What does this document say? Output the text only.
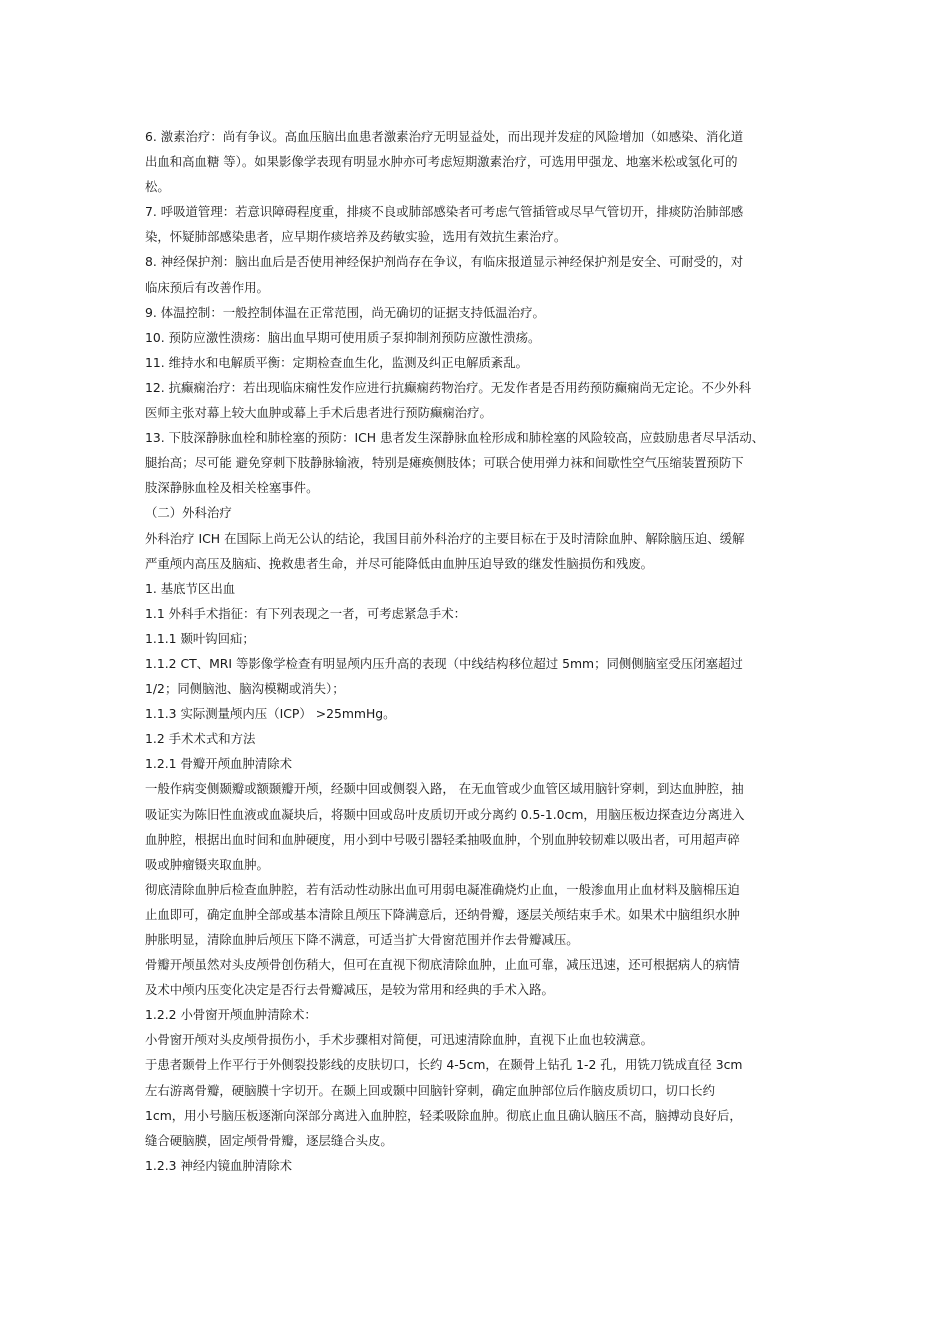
6. 激素治疗：尚有争议。高血压脑出血患者激素治疗无明显益处，而出现并发症的风险增加（如感染、消化道
出血和高血糖 等）。如果影像学表现有明显水肿亦可考虑短期激素治疗，可选用甲强龙、地塞米松或氢化可的
松。
7. 呼吸道管理：若意识障碍程度重，排痰不良或肺部感染者可考虑气管插管或尽早气管切开，排痰防治肺部感
染，怀疑肺部感染患者，应早期作痰培养及药敏实验，选用有效抗生素治疗。
8. 神经保护剂：脑出血后是否使用神经保护剂尚存在争议，有临床报道显示神经保护剂是安全、可耐受的，对
临床预后有改善作用。
9. 体温控制：一般控制体温在正常范围，尚无确切的证据支持低温治疗。
10. 预防应激性溃疡：脑出血早期可使用质子泵抑制剂预防应激性溃疡。
11. 维持水和电解质平衡：定期检查血生化，监测及纠正电解质紊乱。
12. 抗癫痫治疗：若出现临床痫性发作应进行抗癫痫药物治疗。无发作者是否用药预防癫痫尚无定论。不少外科
医师主张对幕上较大血肿或幕上手术后患者进行预防癫痫治疗。
13. 下肢深静脉血栓和肺栓塞的预防：ICH 患者发生深静脉血栓形成和肺栓塞的风险较高，应鼓励患者尽早活动、
腿抬高；尽可能 避免穿刺下肢静脉输液，特别是瘫痪侧肢体；可联合使用弹力袜和间歇性空气压缩装置预防下
肢深静脉血栓及相关栓塞事件。
（二）外科治疗
外科治疗 ICH 在国际上尚无公认的结论，我国目前外科治疗的主要目标在于及时清除血肿、解除脑压迫、缓解
严重颅内高压及脑疝、挽救患者生命，并尽可能降低由血肿压迫导致的继发性脑损伤和残废。
1. 基底节区出血
1.1 外科手术指征：有下列表现之一者，可考虑紧急手术：
1.1.1 颞叶钩回疝；
1.1.2 CT、MRI 等影像学检查有明显颅内压升高的表现（中线结构移位超过 5mm；同侧侧脑室受压闭塞超过
1/2；同侧脑池、脑沟模糊或消失）；
1.1.3 实际测量颅内压（ICP） >25mmHg。
1.2 手术术式和方法
1.2.1 骨瓣开颅血肿清除术
一般作病变侧颞瓣或额颞瓣开颅，经颞中回或侧裂入路， 在无血管或少血管区域用脑针穿刺，到达血肿腔，抽
吸证实为陈旧性血液或血凝块后，将颞中回或岛叶皮质切开或分离约 0.5-1.0cm，用脑压板边探查边分离进入
血肿腔，根据出血时间和血肿硬度，用小到中号吸引器轻柔抽吸血肿，个别血肿较韧难以吸出者，可用超声碎
吸或肿瘤镊夹取血肿。
彻底清除血肿后检查血肿腔，若有活动性动脉出血可用弱电凝准确烧灼止血，一般渗血用止血材料及脑棉压迫
止血即可，确定血肿全部或基本清除且颅压下降满意后，还纳骨瓣，逐层关颅结束手术。如果术中脑组织水肿
肿胀明显，清除血肿后颅压下降不满意，可适当扩大骨窗范围并作去骨瓣减压。
骨瓣开颅虽然对头皮颅骨创伤稍大，但可在直视下彻底清除血肿，止血可靠，减压迅速，还可根据病人的病情
及术中颅内压变化决定是否行去骨瓣减压，是较为常用和经典的手术入路。
1.2.2 小骨窗开颅血肿清除术：
小骨窗开颅对头皮颅骨损伤小，手术步骤相对简便，可迅速清除血肿，直视下止血也较满意。
于患者颞骨上作平行于外侧裂投影线的皮肤切口，长约 4-5cm，在颞骨上钻孔 1-2 孔，用铣刀铣成直径 3cm
左右游离骨瓣，硬脑膜十字切开。在颞上回或颞中回脑针穿刺，确定血肿部位后作脑皮质切口，切口长约
1cm，用小号脑压板逐渐向深部分离进入血肿腔，轻柔吸除血肿。彻底止血且确认脑压不高，脑搏动良好后，
缝合硬脑膜，固定颅骨骨瓣，逐层缝合头皮。
1.2.3 神经内镜血肿清除术
